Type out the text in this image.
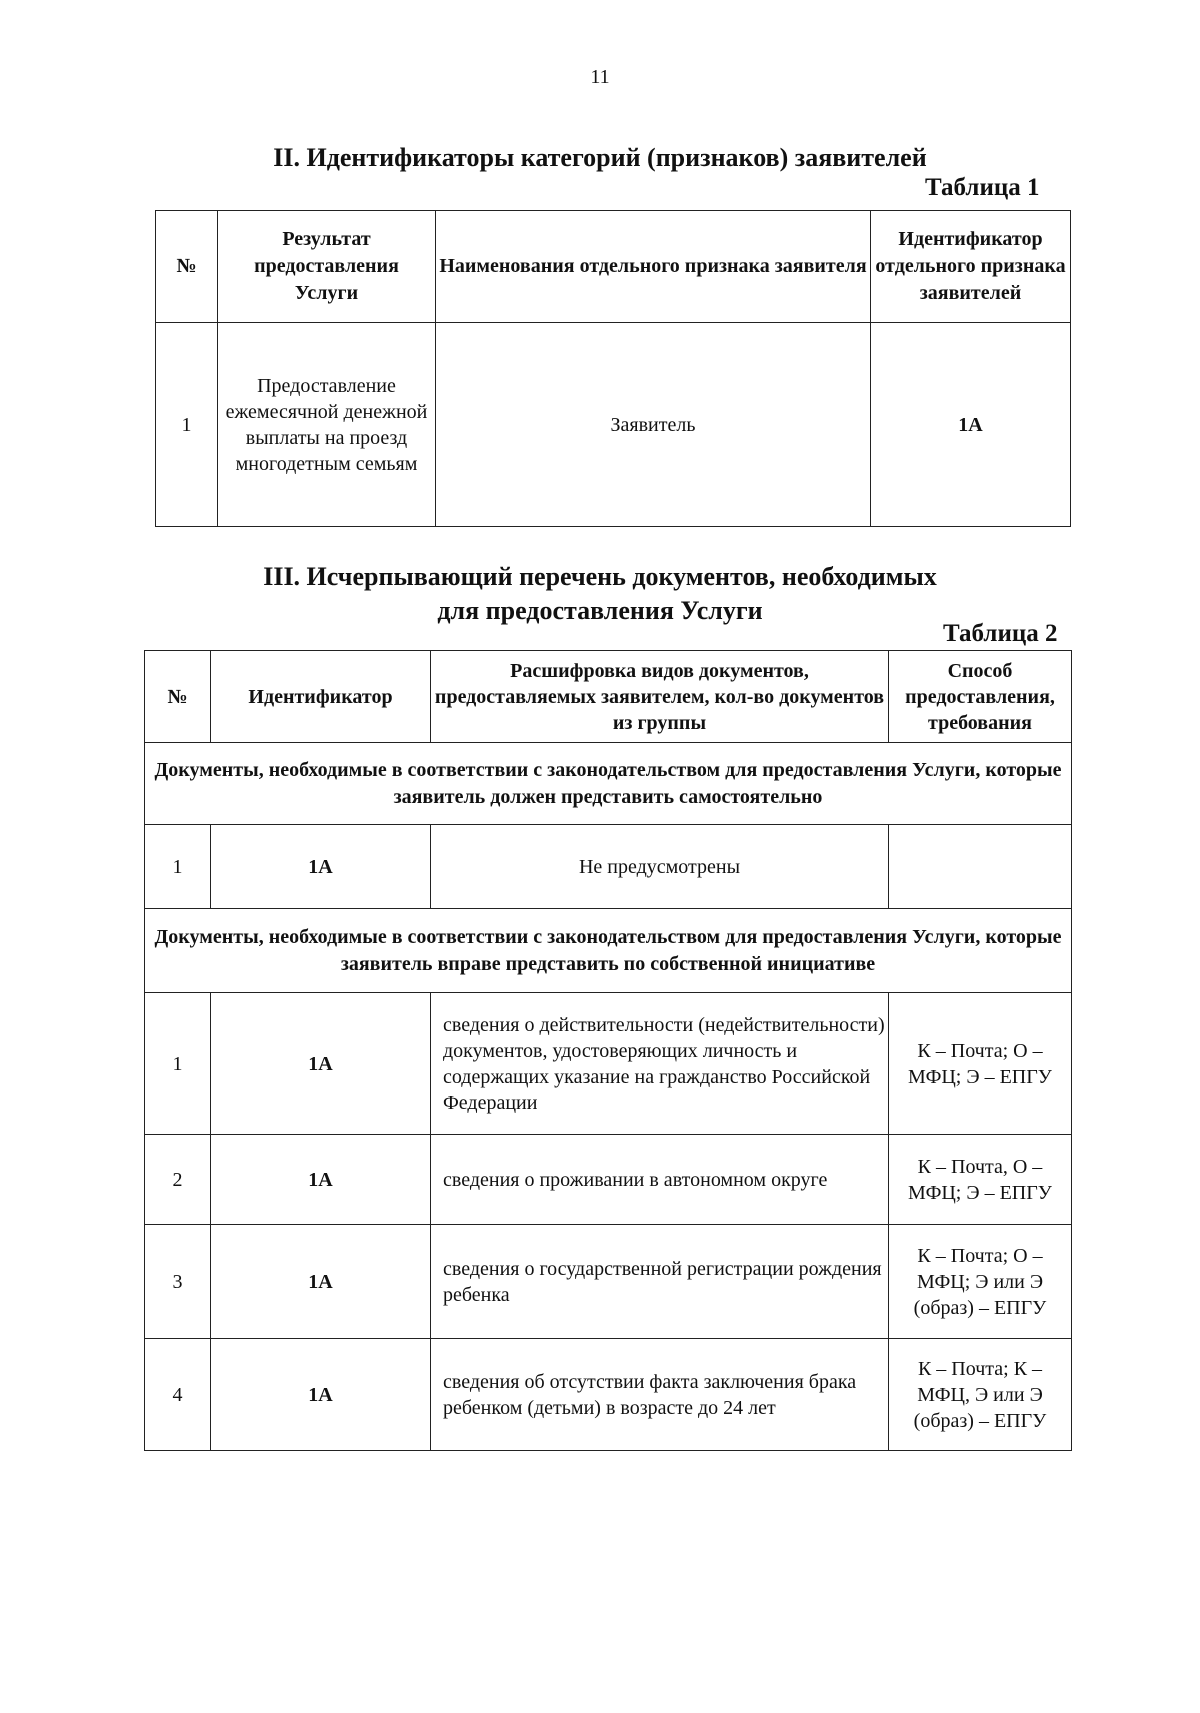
11
II. Идентификаторы категорий (признаков) заявителей
Таблица 1
№	Результат предоставления Услуги	Наименования отдельного признака заявителя	Идентификатор отдельного признака заявителей
1	Предоставление ежемесячной денежной выплаты на проезд многодетным семьям	Заявитель	1А
III. Исчерпывающий перечень документов, необходимых
для предоставления Услуги
Таблица 2
№	Идентификатор	Расшифровка видов документов, предоставляемых заявителем, кол-во документов из группы	Способ предоставления, требования
Документы, необходимые в соответствии с законодательством для предоставления Услуги, которые заявитель должен представить самостоятельно			
1	1А	Не предусмотрены	
Документы, необходимые в соответствии с законодательством для предоставления Услуги, которые заявитель вправе представить по собственной инициативе			
1	1А	сведения о действительности (недействительности) документов, удостоверяющих личность и содержащих указание на гражданство Российской Федерации	К – Почта; О – МФЦ; Э – ЕПГУ
2	1А	сведения о проживании в автономном округе	К – Почта, О – МФЦ; Э – ЕПГУ
3	1А	сведения о государственной регистрации рождения ребенка	К – Почта; О – МФЦ; Э или Э (образ) – ЕПГУ
4	1А	сведения об отсутствии факта заключения брака ребенком (детьми) в возрасте до 24 лет	К – Почта; К – МФЦ, Э или Э (образ) – ЕПГУ
